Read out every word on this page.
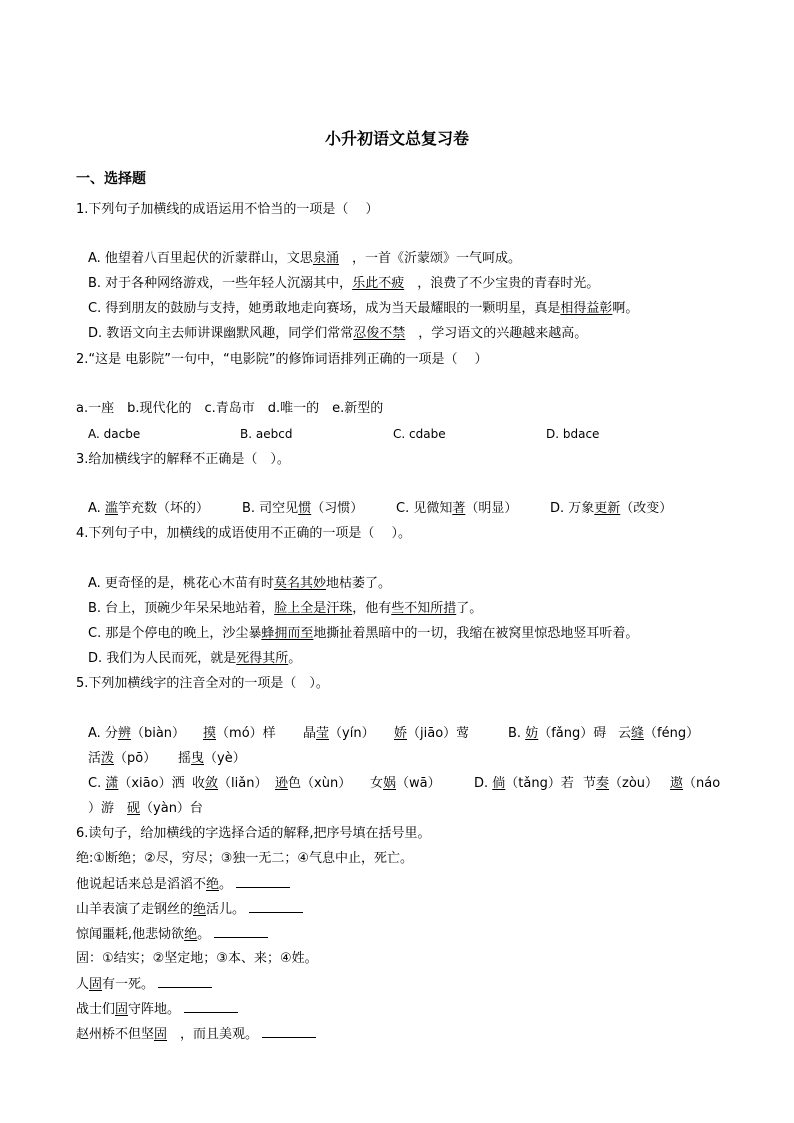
小升初语文总复习卷
一、选择题
1.下列句子加横线的成语运用不恰当的一项是（　 ）
A. 他望着八百里起伏的沂蒙群山，文思泉涌　，一首《沂蒙颂》一气呵成。
B. 对于各种网络游戏，一些年轻人沉溺其中，乐此不疲　，浪费了不少宝贵的青春时光。
C. 得到朋友的鼓励与支持，她勇敢地走向赛场，成为当天最耀眼的一颗明星，真是相得益彰啊。
D. 教语文向主去师讲课幽默风趣，同学们常常忍俊不禁　，学习语文的兴趣越来越高。
2.“这是 电影院”一句中，“电影院”的修饰词语排列正确的一项是（　 ）
a.一座　b.现代化的　c.青岛市　d.唯一的　e.新型的
A. dacbe	B. aebcd	C. cdabe	D. bdace
3.给加横线字的解释不正确是（　）。
A. 滥竽充数（坏的）	B. 司空见惯（习惯）	C. 见微知著（明显）	D. 万象更新（改变）
4.下列句子中，加横线的成语使用不正确的一项是（　 ）。
A. 更奇怪的是，桃花心木苗有时莫名其妙地枯萎了。
B. 台上，顶碗少年呆呆地站着，脸上全是汗珠，他有些不知所措了。
C. 那是个停电的晚上，沙尘暴蜂拥而至地撕扯着黑暗中的一切，我缩在被窝里惊恐地竖耳听着。
D. 我们为人民而死，就是死得其所。
5.下列加横线字的注音全对的一项是（　）。
A. 分辨（biàn）
　	摸（mó）样 晶莹（yín）
　	娇（jiāo）莺	B. 妨（fǎng）碍 云缝（féng）
活泼（pō） 摇曳（yè）
C. 潇（xiāo）洒 收敛（liǎn） 逊色（xùn） 女娲（wā）	D. 倘（tǎng）若 节奏（zòu） 遨（náo
）游　砚（yàn）台
6.读句子，给加横线的字选择合适的解释,把序号填在括号里。
绝:①断绝；②尽，穷尽；③独一无二；④气息中止，死亡。
他说起话来总是滔滔不绝。
山羊表演了走钢丝的绝活儿。
惊闻噩耗,他悲恸欲绝。
固：①结实；②坚定地；③本、来；④姓。
人固有一死。
战士们固守阵地。
赵州桥不但坚固　，而且美观。
